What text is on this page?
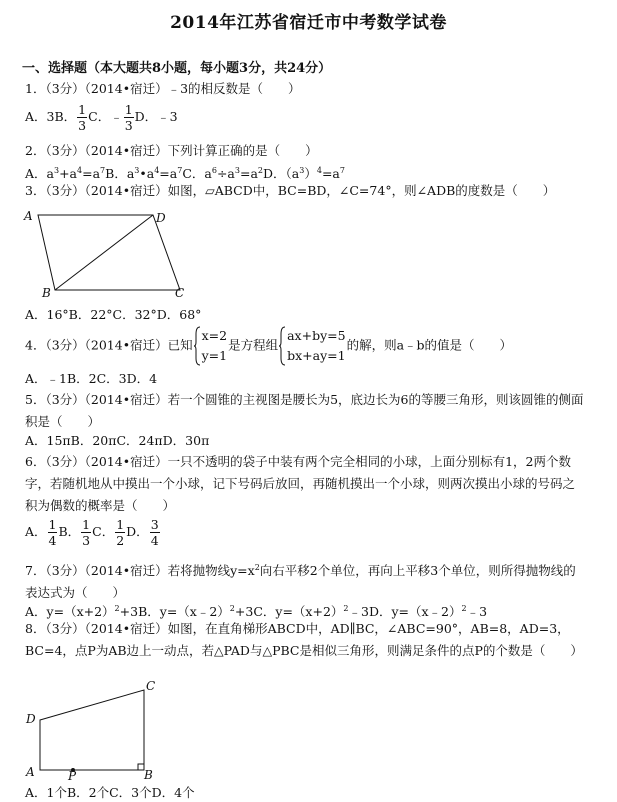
2014年江苏省宿迁市中考数学试卷
一、选择题（本大题共8小题，每小题3分，共24分）
1．（3分）（2014•宿迁）﹣3的相反数是（　　）
A．3B． $\frac{1}{3}$ C．﹣ $\frac{1}{3}$ D．﹣3
2．（3分）（2014•宿迁）下列计算正确的是（　　）
A．$a^3+a^4=a^7B$．$a^3•a^4=a^7C$．$a^6\div a^3=a^2D$．$(a^3)^4=a^7$
3．（3分）（2014•宿迁）如图，▱ABCD中，BC=BD，∠C=74°，则∠ADB的度数是（　　）
A	D
B	C
A．16°B．22°C．32°D．68°
4．（3分）（2014•宿迁）已知
x=2
y=1
是方程组
ax+by=5
bx+ay=1
的解，则a﹣b的值是（　　）
A．﹣1B．2C．3D．4
5．（3分）（2014•宿迁）若一个圆锥的主视图是腰长为5，底边长为6的等腰三角形，则该圆锥的侧面积是（　　）
A．15πB．20πC．24πD．30π
6．（3分）（2014•宿迁）一只不透明的袋子中装有两个完全相同的小球，上面分别标有1，2两个数字，若随机地从中摸出一个小球，记下号码后放回，再随机摸出一个小球，则两次摸出小球的号码之积为偶数的概率是（　　）
A． $\frac{1}{4}$ B． $\frac{1}{3}$ C． $\frac{1}{2}$ D． $\frac{3}{4}$
7．（3分）（2014•宿迁）若将抛物线$y=x^2$向右平移2个单位，再向上平移3个单位，则所得抛物线的表达式为（　　）
A．$y=(x+2)^2+3B$．y=（x﹣2）$^2$+3C．$y=(x+2)^2﹣3D$．y=（x﹣2）$^2$﹣3
8．（3分）（2014•宿迁）如图，在直角梯形ABCD中，AD∥BC，∠ABC=90°，AB=8，AD=3，BC=4，点P为AB边上一动点，若△PAD与△PBC是相似三角形，则满足条件的点P的个数是（　　）
D
C
A	B
P
A．1个B．2个C．3个D．4个
